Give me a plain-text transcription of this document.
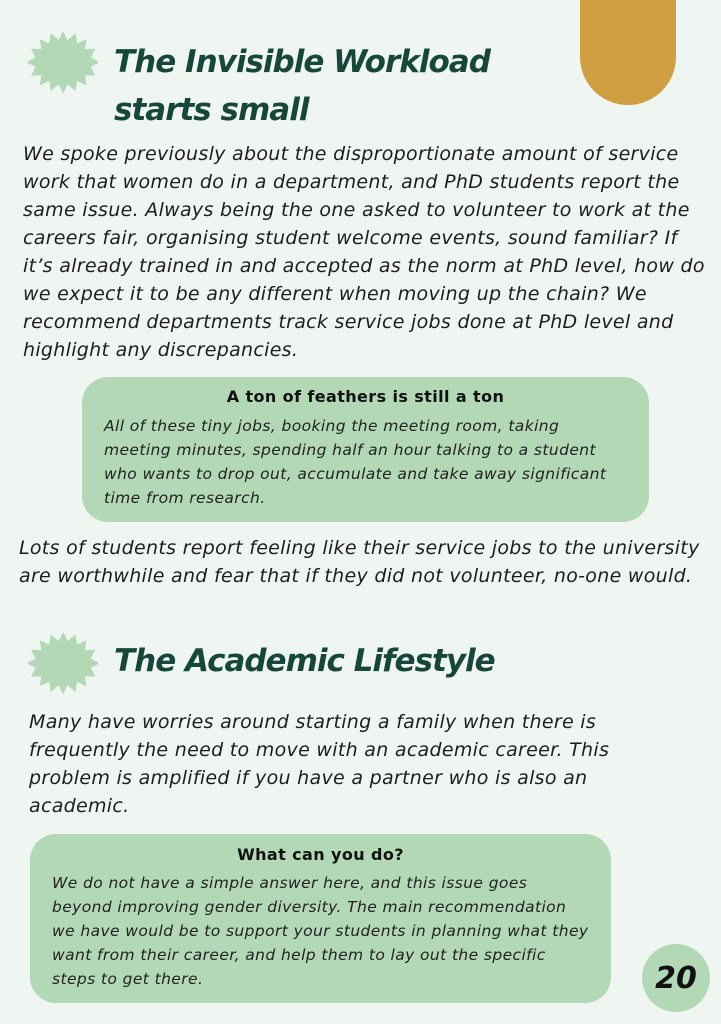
The Invisible Workload
starts small

We spoke previously about the disproportionate amount of service work that women do in a department, and PhD students report the same issue. Always being the one asked to volunteer to work at the careers fair, organising student welcome events, sound familiar? If it’s already trained in and accepted as the norm at PhD level, how do we expect it to be any different when moving up the chain? We recommend departments track service jobs done at PhD level and highlight any discrepancies.

A ton of feathers is still a ton

All of these tiny jobs, booking the meeting room, taking meeting minutes, spending half an hour talking to a student who wants to drop out, accumulate and take away significant time from research.

Lots of students report feeling like their service jobs to the university are worthwhile and fear that if they did not volunteer, no-one would.

The Academic Lifestyle

Many have worries around starting a family when there is frequently the need to move with an academic career. This problem is amplified if you have a partner who is also an academic.

What can you do?

We do not have a simple answer here, and this issue goes beyond improving gender diversity. The main recommendation we have would be to support your students in planning what they want from their career, and help them to lay out the specific steps to get there.	20
